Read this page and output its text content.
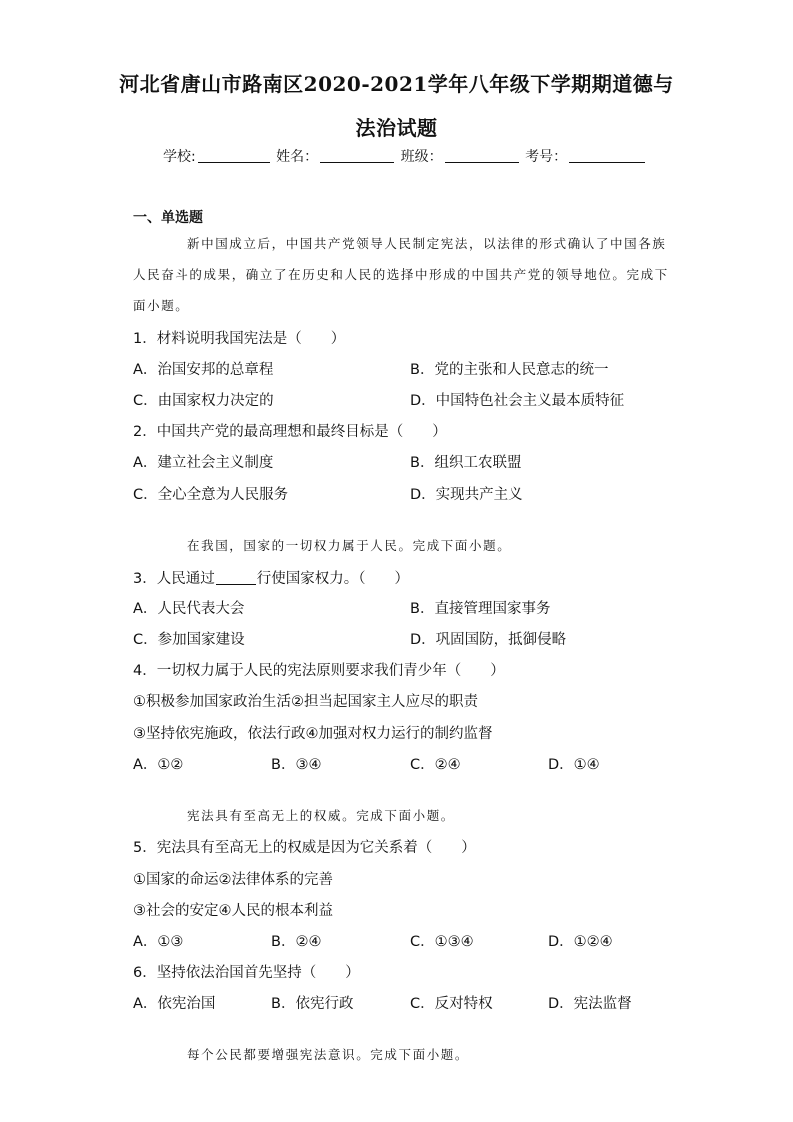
河北省唐山市路南区2020-2021学年八年级下学期期道德与
法治试题
学校:	姓名：	班级：	考号：
一、单选题
新中国成立后，中国共产党领导人民制定宪法，以法律的形式确认了中国各族
人民奋斗的成果，确立了在历史和人民的选择中形成的中国共产党的领导地位。完成下
面小题。
1．材料说明我国宪法是（　　）
A．治国安邦的总章程	B．党的主张和人民意志的统一
C．由国家权力决定的	D．中国特色社会主义最本质特征
2．中国共产党的最高理想和最终目标是（　　）
A．建立社会主义制度	B．组织工农联盟
C．全心全意为人民服务	D．实现共产主义
在我国，国家的一切权力属于人民。完成下面小题。
3．人民通过	行使国家权力。（　　）
A．人民代表大会	B．直接管理国家事务
C．参加国家建设	D．巩固国防，抵御侵略
4．一切权力属于人民的宪法原则要求我们青少年（　　）
①积极参加国家政治生活②担当起国家主人应尽的职责
③坚持依宪施政，依法行政④加强对权力运行的制约监督
A．①②	B．③④	C．②④	D．①④
宪法具有至高无上的权威。完成下面小题。
5．宪法具有至高无上的权威是因为它关系着（　　）
①国家的命运②法律体系的完善
③社会的安定④人民的根本利益
A．①③	B．②④	C．①③④	D．①②④
6．坚持依法治国首先坚持（　　）
A．依宪治国	B．依宪行政	C．反对特权	D．宪法监督
每个公民都要增强宪法意识。完成下面小题。
